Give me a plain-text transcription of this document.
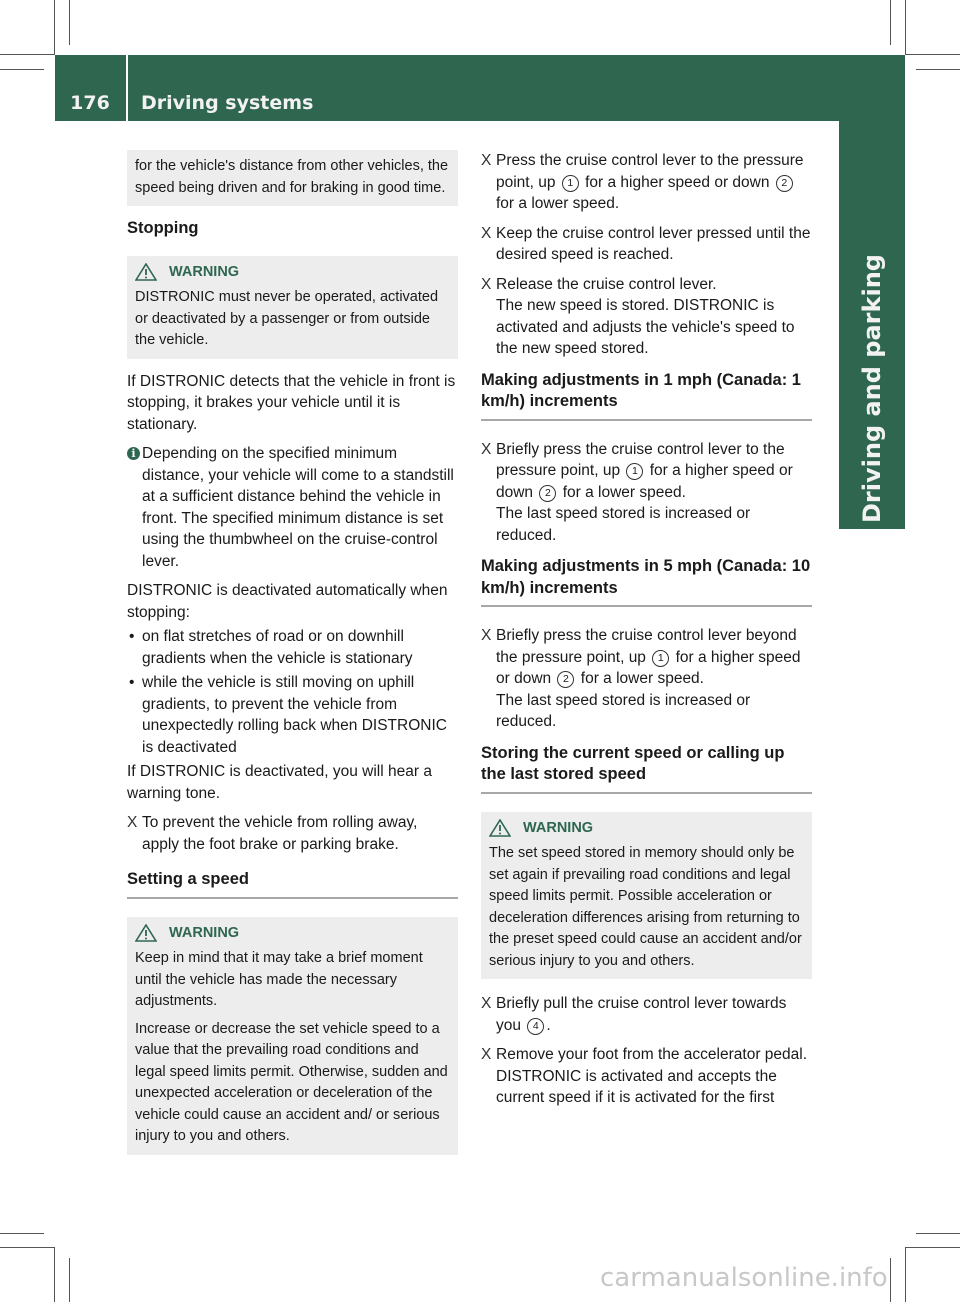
176	Driving systems
Driving and parking

for the vehicle's distance from other vehicles, the speed being driven and for braking in good time.

Stopping
WARNING

DISTRONIC must never be operated, activated or deactivated by a passenger or from outside the vehicle.

If DISTRONIC detects that the vehicle in front is stopping, it brakes your vehicle until it is stationary.

i Depending on the specified minimum distance, your vehicle will come to a standstill at a sufficient distance behind the vehicle in front. The specified minimum distance is set using the thumbwheel on the cruise-control lever.

DISTRONIC is deactivated automatically when stopping:

• on flat stretches of road or on downhill gradients when the vehicle is stationary
• while the vehicle is still moving on uphill gradients, to prevent the vehicle from unexpectedly rolling back when DISTRONIC is deactivated

If DISTRONIC is deactivated, you will hear a warning tone.

X To prevent the vehicle from rolling away, apply the foot brake or parking brake.
Setting a speed
WARNING

Keep in mind that it may take a brief moment until the vehicle has made the necessary adjustments.

Increase or decrease the set vehicle speed to a value that the prevailing road conditions and legal speed limits permit. Otherwise, sudden and unexpected acceleration or deceleration of the vehicle could cause an accident and/ or serious injury to you and others.

X Press the cruise control lever to the pressure point, up 1 for a higher speed or down 2 for a lower speed.
X Keep the cruise control lever pressed until the desired speed is reached.
X Release the cruise control lever.
The new speed is stored. DISTRONIC is activated and adjusts the vehicle's speed to the new speed stored.
Making adjustments in 1 mph (Canada: 1 km/h) increments
X Briefly press the cruise control lever to the pressure point, up 1 for a higher speed or down 2 for a lower speed.
The last speed stored is increased or reduced.
Making adjustments in 5 mph (Canada: 10 km/h) increments
X Briefly press the cruise control lever beyond the pressure point, up 1 for a higher speed or down 2 for a lower speed.
The last speed stored is increased or reduced.
Storing the current speed or calling up the last stored speed
WARNING

The set speed stored in memory should only be set again if prevailing road conditions and legal speed limits permit. Possible acceleration or deceleration differences arising from returning to the preset speed could cause an accident and/or serious injury to you and others.

X Briefly pull the cruise control lever towards you 4 .
X Remove your foot from the accelerator pedal.
DISTRONIC is activated and accepts the current speed if it is activated for the first
carmanualsonline.info
